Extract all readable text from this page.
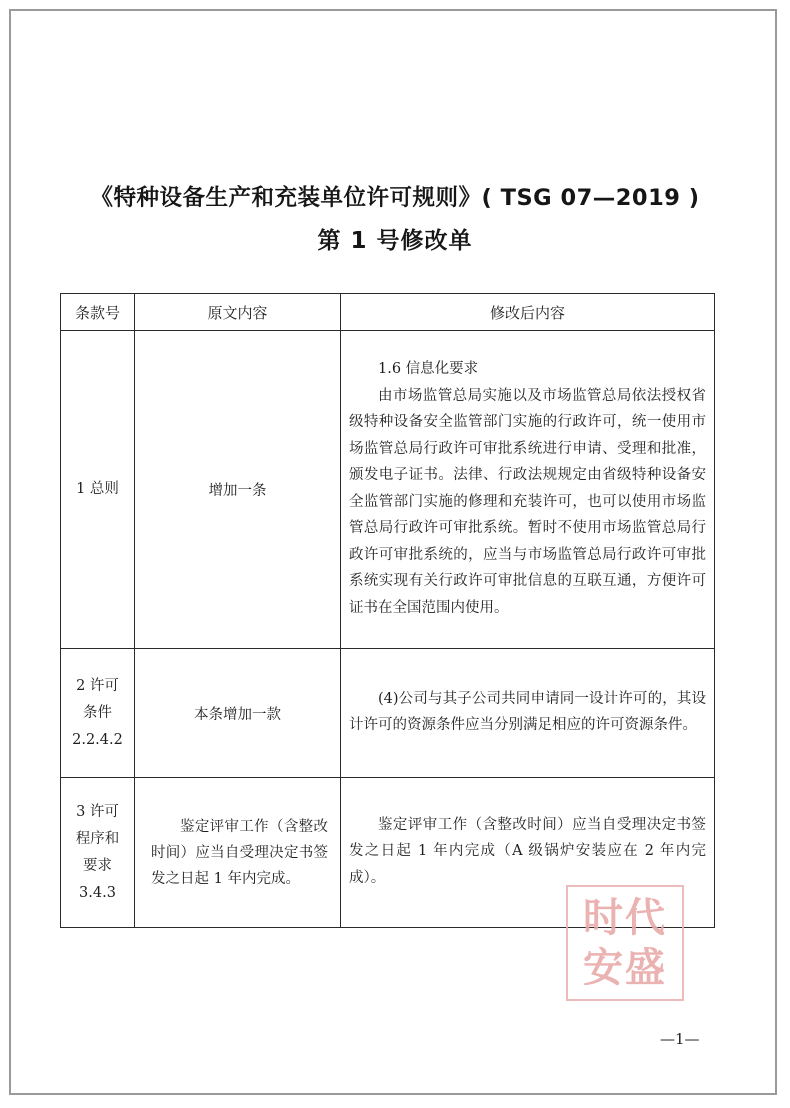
《特种设备生产和充装单位许可规则》( TSG 07—2019 )
第 1 号修改单
条款号	原文内容	修改后内容

1 总则	增加一条	1.6 信息化要求

由市场监管总局实施以及市场监管总局依法授权省级特种设备安全监管部门实施的行政许可，统一使用市场监管总局行政许可审批系统进行申请、受理和批准，颁发电子证书。法律、行政法规规定由省级特种设备安全监管部门实施的修理和充装许可，也可以使用市场监管总局行政许可审批系统。暂时不使用市场监管总局行政许可审批系统的，应当与市场监管总局行政许可审批系统实现有关行政许可审批信息的互联互通，方便许可证书在全国范围内使用。

2 许可
条件
2.2.4.2	本条增加一款	(4)公司与其子公司共同申请同一设计许可的，其设计许可的资源条件应当分别满足相应的许可资源条件。

3 许可
程序和
要求
3.4.3	鉴定评审工作（含整改时间）应当自受理决定书签发之日起 1 年内完成。	鉴定评审工作（含整改时间）应当自受理决定书签发之日起 1 年内完成（A 级锅炉安装应在 2 年内完成）。

时代
安盛
—1—
